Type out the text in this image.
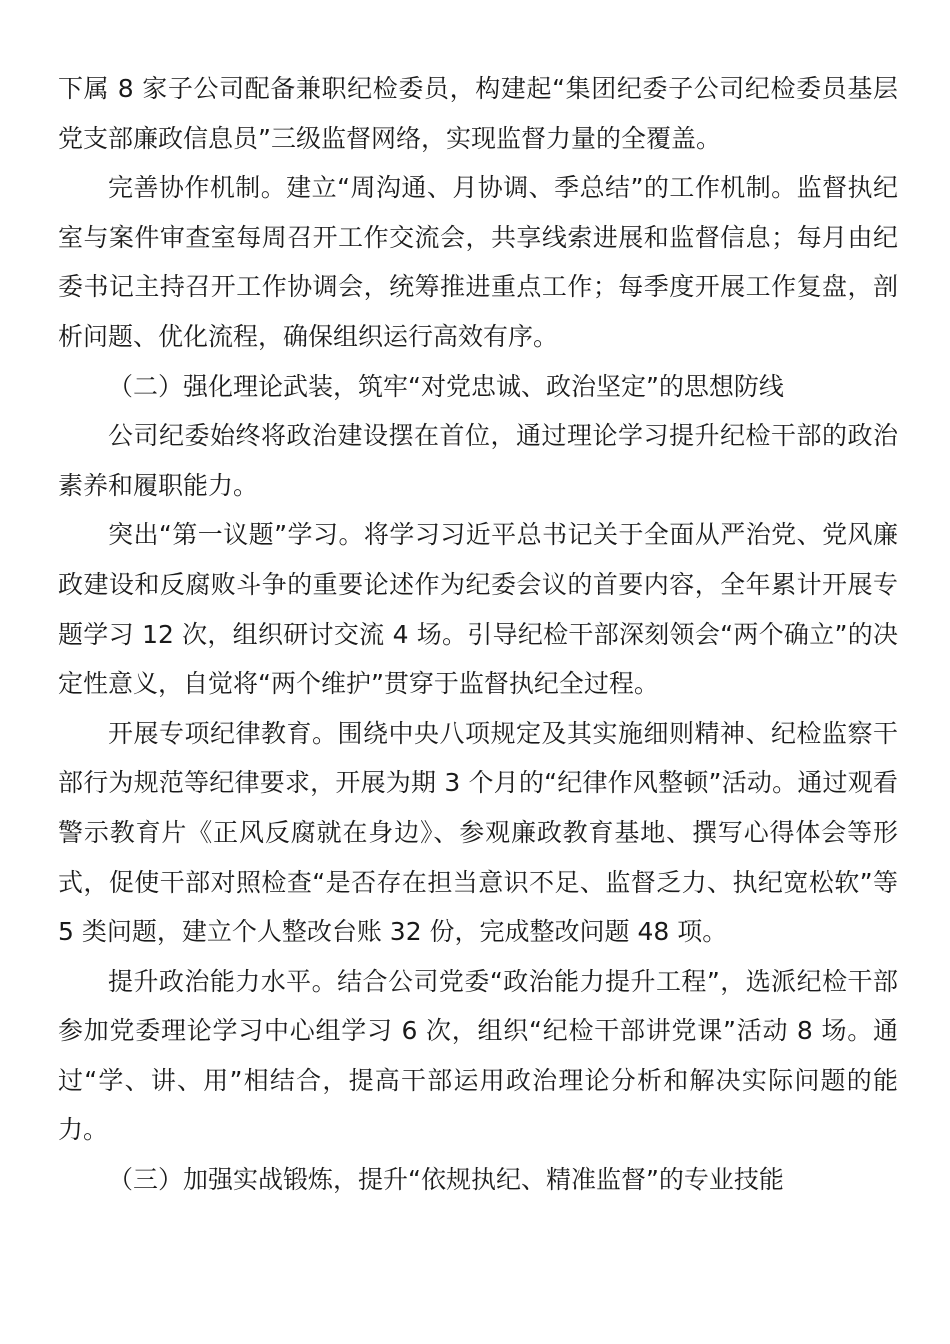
下属 8 家子公司配备兼职纪检委员，构建起“集团纪委子公司纪检委员基层党支部廉政信息员”三级监督网络，实现监督力量的全覆盖。

完善协作机制。建立“周沟通、月协调、季总结”的工作机制。监督执纪室与案件审查室每周召开工作交流会，共享线索进展和监督信息；每月由纪委书记主持召开工作协调会，统筹推进重点工作；每季度开展工作复盘，剖析问题、优化流程，确保组织运行高效有序。

（二）强化理论武装，筑牢“对党忠诚、政治坚定”的思想防线

公司纪委始终将政治建设摆在首位，通过理论学习提升纪检干部的政治素养和履职能力。

突出“第一议题”学习。将学习习近平总书记关于全面从严治党、党风廉政建设和反腐败斗争的重要论述作为纪委会议的首要内容，全年累计开展专题学习 12 次，组织研讨交流 4 场。引导纪检干部深刻领会“两个确立”的决定性意义，自觉将“两个维护”贯穿于监督执纪全过程。

开展专项纪律教育。围绕中央八项规定及其实施细则精神、纪检监察干部行为规范等纪律要求，开展为期 3 个月的“纪律作风整顿”活动。通过观看警示教育片《正风反腐就在身边》、参观廉政教育基地、撰写心得体会等形式，促使干部对照检查“是否存在担当意识不足、监督乏力、执纪宽松软”等 5 类问题，建立个人整改台账 32 份，完成整改问题 48 项。

提升政治能力水平。结合公司党委“政治能力提升工程”，选派纪检干部参加党委理论学习中心组学习 6 次，组织“纪检干部讲党课”活动 8 场。通过“学、讲、用”相结合，提高干部运用政治理论分析和解决实际问题的能力。

（三）加强实战锻炼，提升“依规执纪、精准监督”的专业技能
